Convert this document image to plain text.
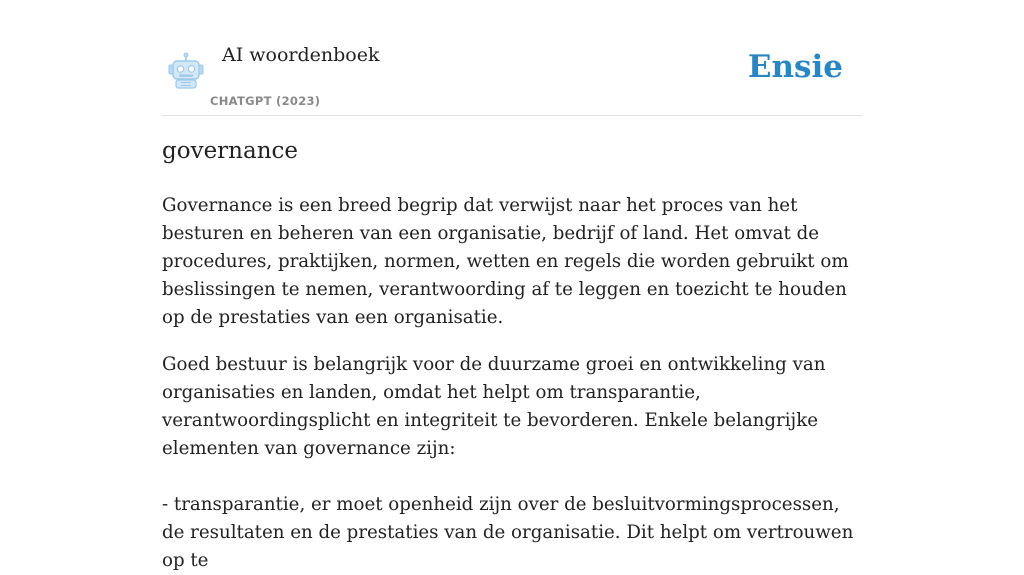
AI woordenboek
CHATGPT (2023)
Ensie
governance

Governance is een breed begrip dat verwijst naar het proces van het besturen en beheren van een organisatie, bedrijf of land. Het omvat de procedures, praktijken, normen, wetten en regels die worden gebruikt om beslissingen te nemen, verantwoording af te leggen en toezicht te houden op de prestaties van een organisatie.

Goed bestuur is belangrijk voor de duurzame groei en ontwikkeling van organisaties en landen, omdat het helpt om transparantie, verantwoordingsplicht en integriteit te bevorderen. Enkele belangrijke elementen van governance zijn:

- transparantie, er moet openheid zijn over de besluitvormingsprocessen, de resultaten en de prestaties van de organisatie. Dit helpt om vertrouwen op te
